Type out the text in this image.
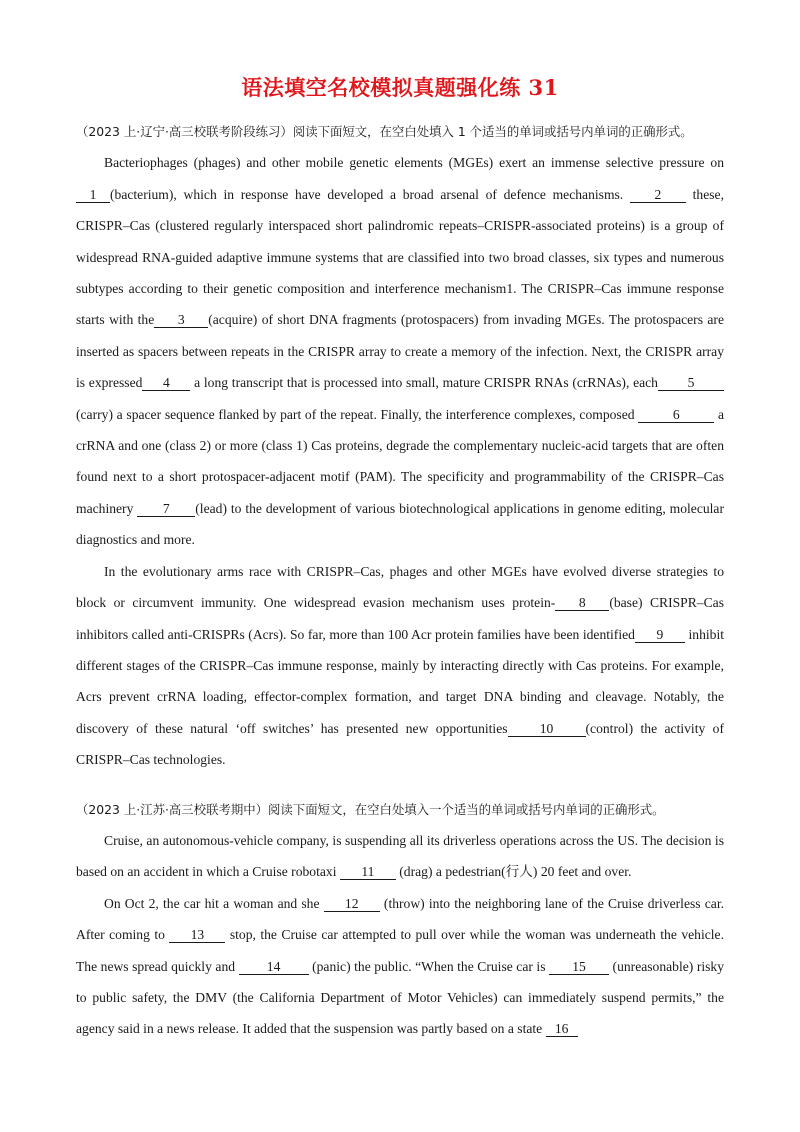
语法填空名校模拟真题强化练 31

（2023 上·辽宁·高三校联考阶段练习）阅读下面短文，在空白处填入 1 个适当的单词或括号内单词的正确形式。

Bacteriophages (phages) and other mobile genetic elements (MGEs) exert an immense selective pressure on 1 (bacterium), which in response have developed a broad arsenal of defence mechanisms. 2 these, CRISPR–Cas (clustered regularly interspaced short palindromic repeats–CRISPR-associated proteins) is a group of widespread RNA-guided adaptive immune systems that are classified into two broad classes, six types and numerous subtypes according to their genetic composition and interference mechanism1. The CRISPR–Cas immune response starts with the 3 (acquire) of short DNA fragments (protospacers) from invading MGEs. The protospacers are inserted as spacers between repeats in the CRISPR array to create a memory of the infection. Next, the CRISPR array is expressed 4 a long transcript that is processed into small, mature CRISPR RNAs (crRNAs), each 5(carry) a spacer sequence flanked by part of the repeat. Finally, the interference complexes, composed	6	a crRNA and one (class 2) or more (class 1) Cas proteins, degrade the complementary nucleic-acid targets that are often found next to a short protospacer-adjacent motif (PAM). The specificity and programmability of the CRISPR–Cas machinery 7 (lead) to the development of various biotechnological applications in genome editing, molecular diagnostics and more.

In the evolutionary arms race with CRISPR–Cas, phages and other MGEs have evolved diverse strategies to block or circumvent immunity. One widespread evasion mechanism uses protein- 8 (base) CRISPR–Cas inhibitors called anti-CRISPRs (Acrs). So far, more than 100 Acr protein families have been identified 9 inhibit different stages of the CRISPR–Cas immune response, mainly by interacting directly with Cas proteins. For example, Acrs prevent crRNA loading, effector-complex formation, and target DNA binding and cleavage. Notably, the discovery of these natural ‘off switches’ has presented new opportunities 10 (control) the activity of CRISPR–Cas technologies.

（2023 上·江苏·高三校联考期中）阅读下面短文，在空白处填入一个适当的单词或括号内单词的正确形式。

Cruise, an autonomous-vehicle company, is suspending all its driverless operations across the US. The decision is based on an accident in which a Cruise robotaxi 11 (drag) a pedestrian(行人) 20 feet and over.

On Oct 2, the car hit a woman and she 12 (throw) into the neighboring lane of the Cruise driverless car. After coming to 13 stop, the Cruise car attempted to pull over while the woman was underneath the vehicle. The news spread quickly and 14 (panic) the public. “When the Cruise car is 15 (unreasonable) risky to public safety, the DMV (the California Department of Motor Vehicles) can immediately suspend permits,” the agency said in a news release. It added that the suspension was partly based on a state 16
